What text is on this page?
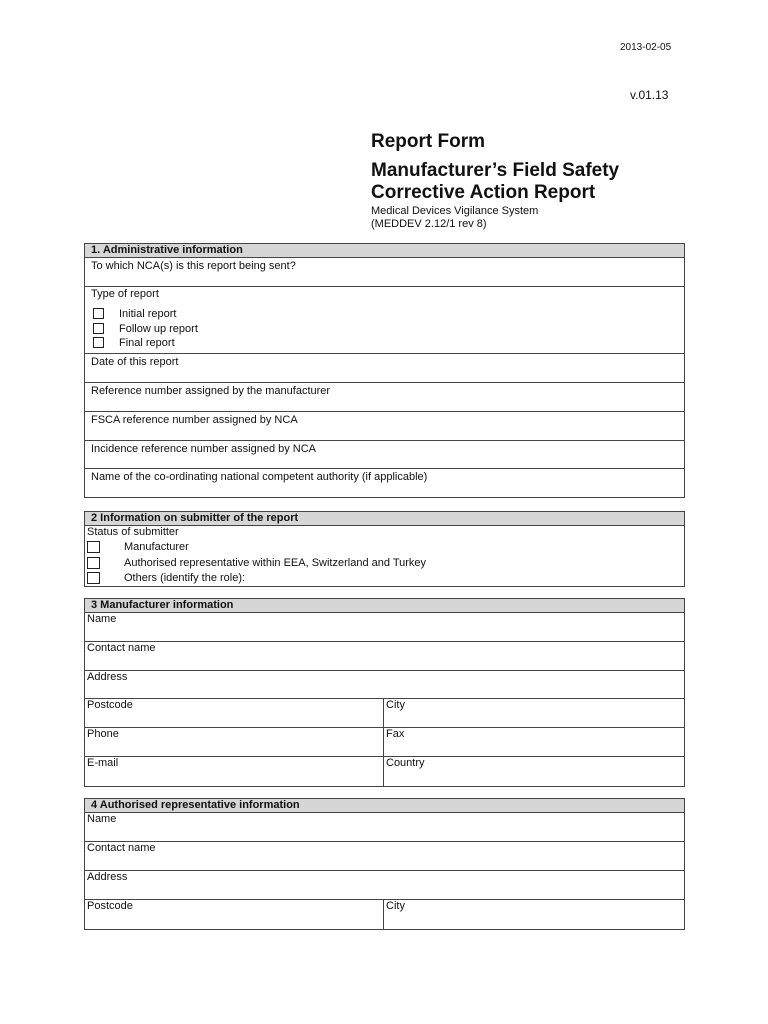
2013-02-05
v.01.13
Report Form
Manufacturer’s Field Safety Corrective Action Report
Medical Devices Vigilance System
(MEDDEV 2.12/1 rev 8)
1. Administrative information
To which NCA(s) is this report being sent?
Type of report
Initial report
Follow up report
Final report
Date of this report
Reference number assigned by the manufacturer
FSCA reference number assigned by NCA
Incidence reference number assigned by NCA
Name of the co-ordinating national competent authority (if applicable)
2 Information on submitter of the report
Status of submitter
Manufacturer
Authorised representative within EEA, Switzerland and Turkey
Others (identify the role):
3 Manufacturer information
Name
Contact name
Address
Postcode	City
Phone	Fax
E-mail	Country
4 Authorised representative information
Name
Contact name
Address
Postcode	City
